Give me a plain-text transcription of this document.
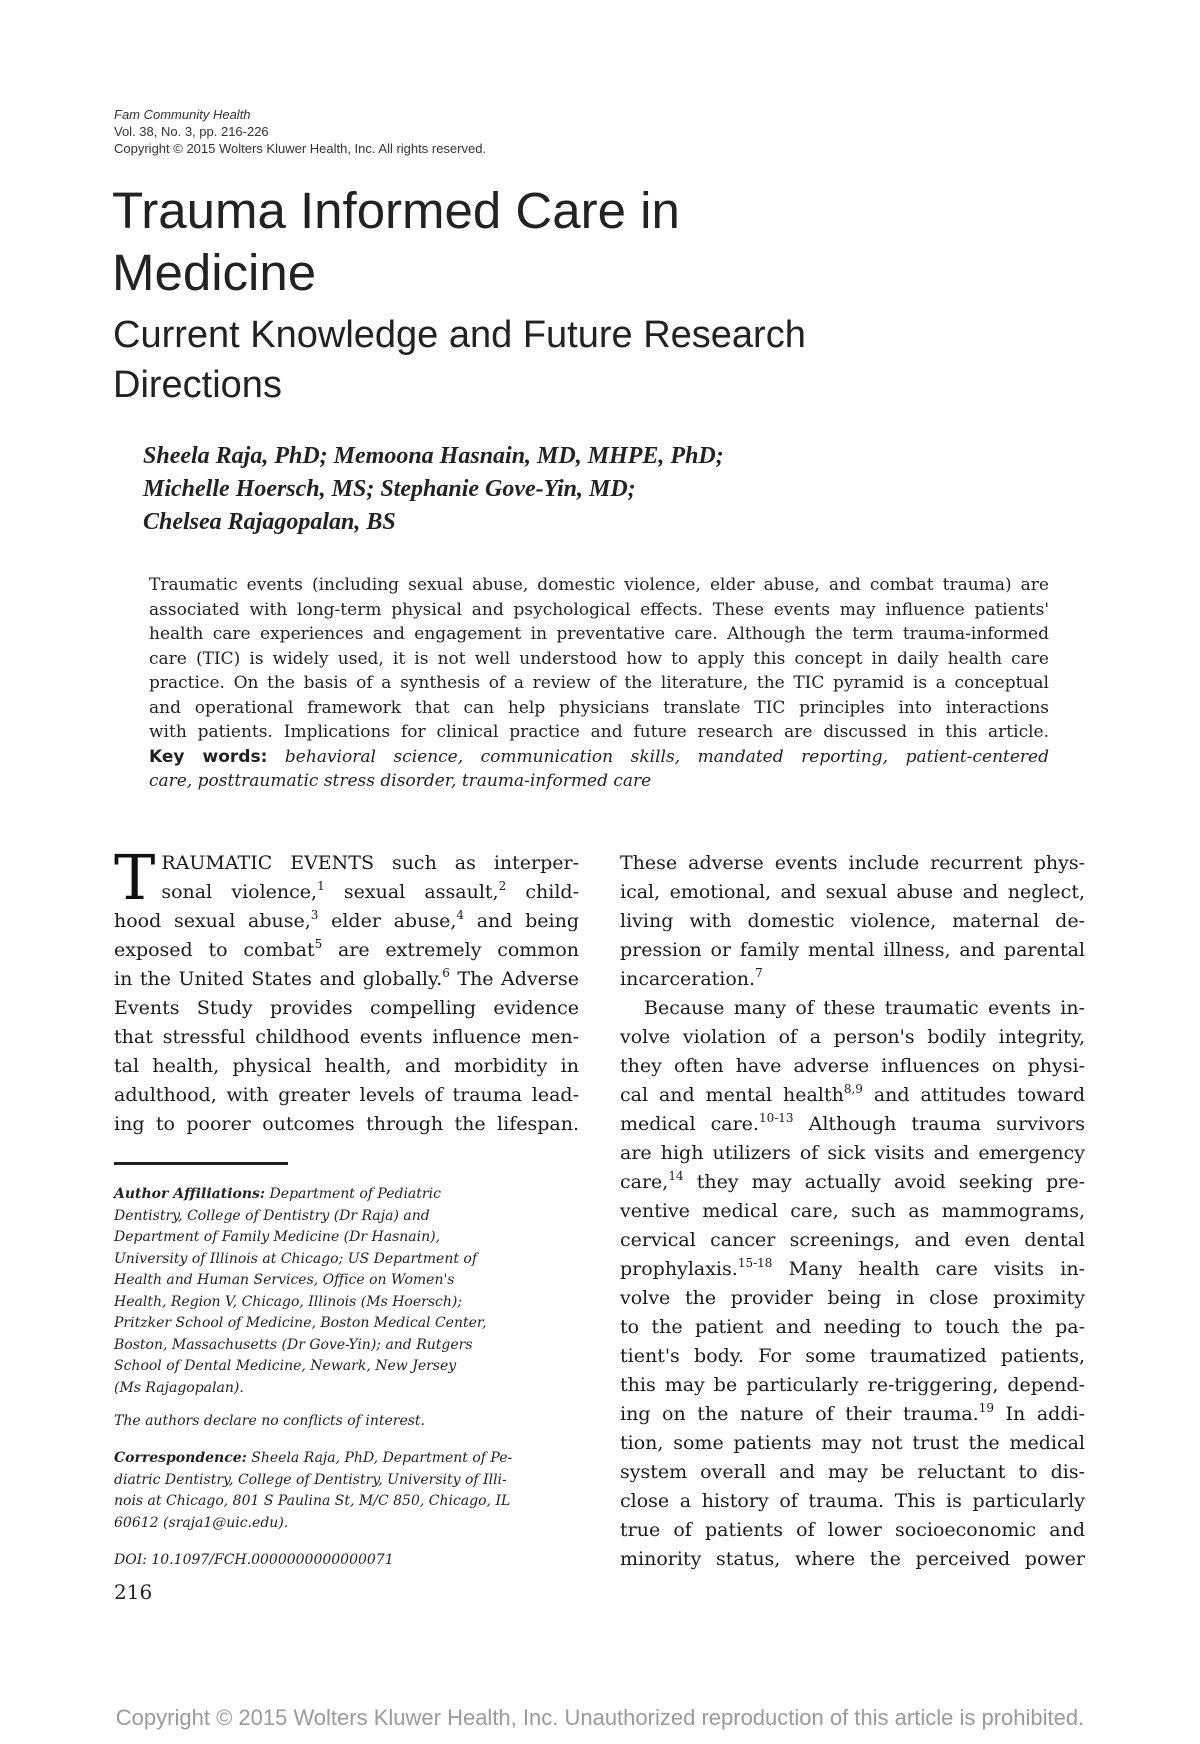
Fam Community Health
Vol. 38, No. 3, pp. 216-226
Copyright © 2015 Wolters Kluwer Health, Inc. All rights reserved.
Trauma Informed Care in
Medicine
Current Knowledge and Future Research
Directions
Sheela Raja, PhD; Memoona Hasnain, MD, MHPE, PhD;
Michelle Hoersch, MS; Stephanie Gove-Yin, MD;
Chelsea Rajagopalan, BS
Traumatic events (including sexual abuse, domestic violence, elder abuse, and combat trauma) are
associated with long-term physical and psychological effects. These events may influence patients'
health care experiences and engagement in preventative care. Although the term trauma-informed
care (TIC) is widely used, it is not well understood how to apply this concept in daily health care
practice. On the basis of a synthesis of a review of the literature, the TIC pyramid is a conceptual
and operational framework that can help physicians translate TIC principles into interactions
with patients. Implications for clinical practice and future research are discussed in this article.
Key words: behavioral science, communication skills, mandated reporting, patient-centered
care, posttraumatic stress disorder, trauma-informed care
T RAUMATIC EVENTS such as interper-
sonal violence,$^1$ sexual assault,$^2$ child-
hood sexual abuse,$^3$ elder abuse,$^4$ and being
exposed to combat$^5$ are extremely common
in the United States and globally.$^6$ The Adverse
Events Study provides compelling evidence
that stressful childhood events influence men-
tal health, physical health, and morbidity in
adulthood, with greater levels of trauma lead-
ing to poorer outcomes through the lifespan.
Author Affiliations: Department of Pediatric
Dentistry, College of Dentistry (Dr Raja) and
Department of Family Medicine (Dr Hasnain),
University of Illinois at Chicago; US Department of
Health and Human Services, Office on Women's
Health, Region V, Chicago, Illinois (Ms Hoersch);
Pritzker School of Medicine, Boston Medical Center,
Boston, Massachusetts (Dr Gove-Yin); and Rutgers
School of Dental Medicine, Newark, New Jersey
(Ms Rajagopalan).
The authors declare no conflicts of interest.
Correspondence: Sheela Raja, PhD, Department of Pe-
diatric Dentistry, College of Dentistry, University of Illi-
nois at Chicago, 801 S Paulina St, M/C 850, Chicago, IL
60612 (sraja1@uic.edu).
DOI: 10.1097/FCH.0000000000000071
216
These adverse events include recurrent phys-
ical, emotional, and sexual abuse and neglect,
living with domestic violence, maternal de-
pression or family mental illness, and parental
incarceration.$^7$
Because many of these traumatic events in-
volve violation of a person's bodily integrity,
they often have adverse influences on physi-
cal and mental health$^{8,9}$ and attitudes toward
medical care.$^{10-13}$ Although trauma survivors
are high utilizers of sick visits and emergency
care,$^{14}$ they may actually avoid seeking pre-
ventive medical care, such as mammograms,
cervical cancer screenings, and even dental
prophylaxis.$^{15-18}$ Many health care visits in-
volve the provider being in close proximity
to the patient and needing to touch the pa-
tient's body. For some traumatized patients,
this may be particularly re-triggering, depend-
ing on the nature of their trauma.$^{19}$ In addi-
tion, some patients may not trust the medical
system overall and may be reluctant to dis-
close a history of trauma. This is particularly
true of patients of lower socioeconomic and
minority status, where the perceived power
Copyright © 2015 Wolters Kluwer Health, Inc. Unauthorized reproduction of this article is prohibited.
